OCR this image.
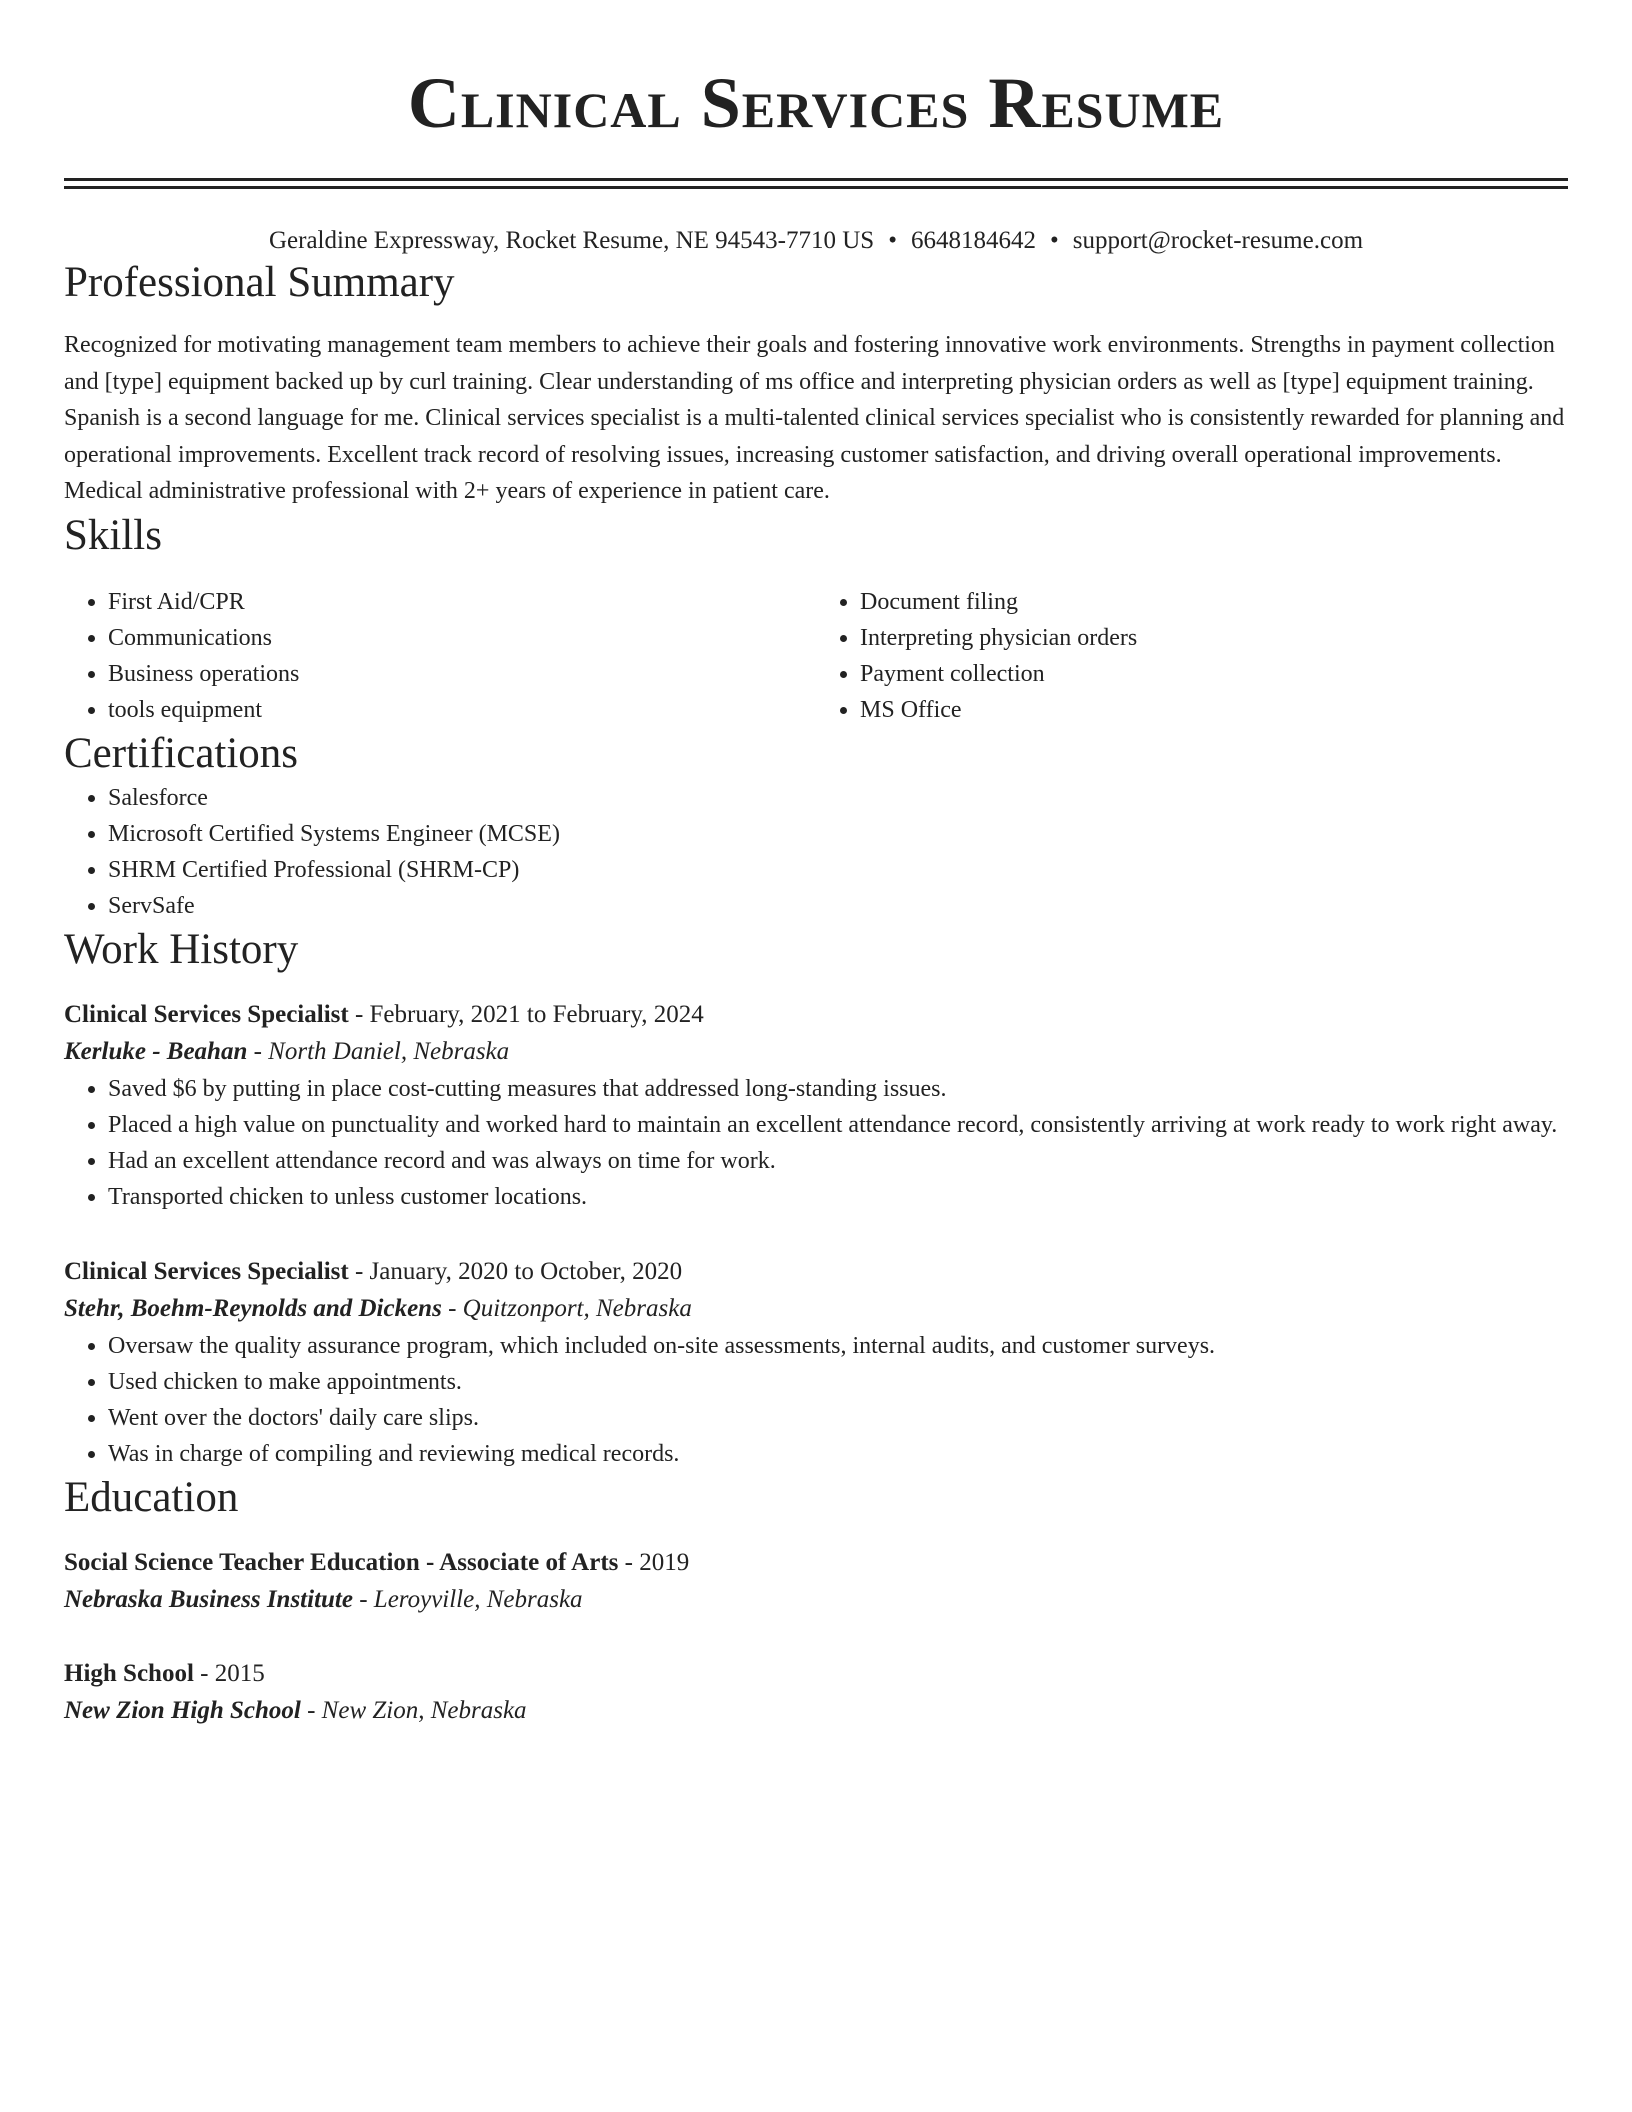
Clinical Services Resume
Geraldine Expressway, Rocket Resume, NE 94543-7710 US • 6648184642 • support@rocket-resume.com
Professional Summary

Recognized for motivating management team members to achieve their goals and fostering innovative work environments. Strengths in payment collection and [type] equipment backed up by curl training. Clear understanding of ms office and interpreting physician orders as well as [type] equipment training. Spanish is a second language for me. Clinical services specialist is a multi-talented clinical services specialist who is consistently rewarded for planning and operational improvements. Excellent track record of resolving issues, increasing customer satisfaction, and driving overall operational improvements. Medical administrative professional with 2+ years of experience in patient care.

Skills
• First Aid/CPR
• Communications
• Business operations
• tools equipment
• Document filing
• Interpreting physician orders
• Payment collection
• MS Office
Certifications
• Salesforce
• Microsoft Certified Systems Engineer (MCSE)
• SHRM Certified Professional (SHRM-CP)
• ServSafe
Work History
Clinical Services Specialist - February, 2021 to February, 2024
Kerluke - Beahan - North Daniel, Nebraska
• Saved $6 by putting in place cost-cutting measures that addressed long-standing issues.
• Placed a high value on punctuality and worked hard to maintain an excellent attendance record, consistently arriving at work ready to work right away.
• Had an excellent attendance record and was always on time for work.
• Transported chicken to unless customer locations.
Clinical Services Specialist - January, 2020 to October, 2020
Stehr, Boehm-Reynolds and Dickens - Quitzonport, Nebraska
• Oversaw the quality assurance program, which included on-site assessments, internal audits, and customer surveys.
• Used chicken to make appointments.
• Went over the doctors' daily care slips.
• Was in charge of compiling and reviewing medical records.
Education
Social Science Teacher Education - Associate of Arts - 2019
Nebraska Business Institute - Leroyville, Nebraska
High School - 2015
New Zion High School - New Zion, Nebraska
